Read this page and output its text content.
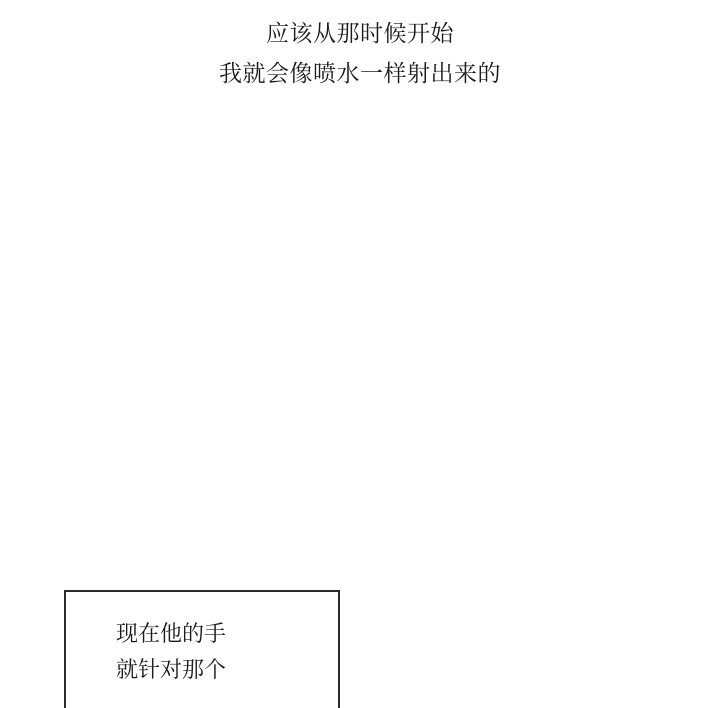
应该从那时候开始
我就会像喷水一样射出来的
现在他的手
就针对那个
